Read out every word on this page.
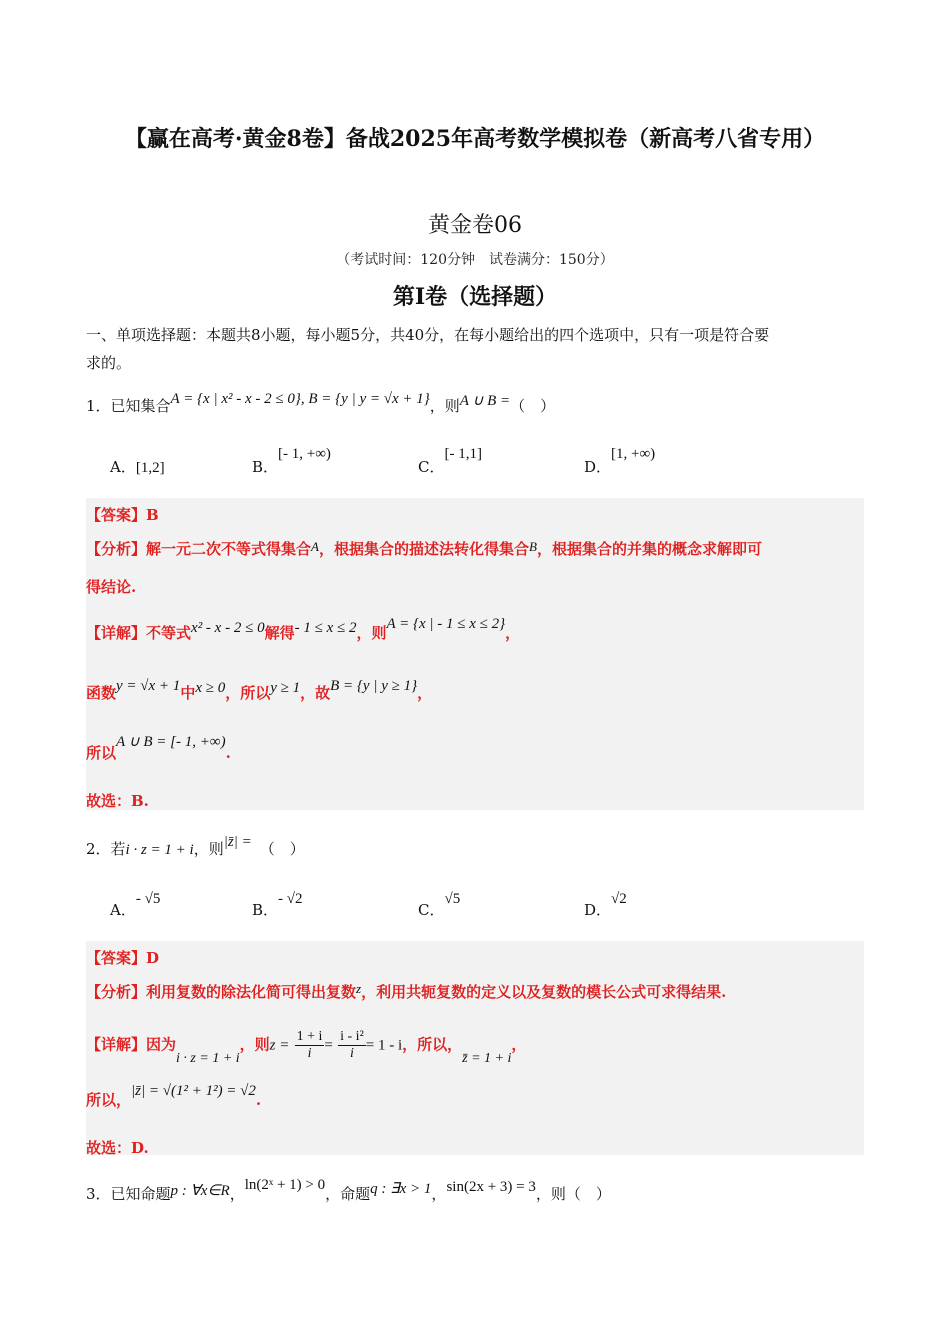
【赢在高考·黄金8卷】备战2025年高考数学模拟卷（新高考八省专用）
黄金卷06
（考试时间：120分钟　试卷满分：150分）
第I卷（选择题）
一、单项选择题：本题共8小题，每小题5分，共40分，在每小题给出的四个选项中，只有一项是符合要
求的。
1．已知集合A = {x | x² - x - 2 ≤ 0}, B = {y | y = √x + 1}，则A ∪ B =（　）
A．[1,2]	B．[- 1, +∞)
C．[- 1,1]
D．[1, +∞)
【答案】B
【分析】解一元二次不等式得集合A，根据集合的描述法转化得集合B，根据集合的并集的概念求解即可
得结论.
【详解】不等式x² - x - 2 ≤ 0解得- 1 ≤ x ≤ 2，则A = {x | - 1 ≤ x ≤ 2}，
函数y = √x + 1中x ≥ 0，所以y ≥ 1，故B = {y | y ≥ 1}，
所以A ∪ B = [- 1, +∞).
故选：B.
2．若i · z = 1 + i，则|z̄| = （　）
A．- √5
B．- √2
C．√5
D．√2
【答案】D
【分析】利用复数的除法化简可得出复数z，利用共轭复数的定义以及复数的模长公式可求得结果.
【详解】因为i · z = 1 + i，则$z = \frac{1 + i}{i} = \frac{\text{i - i²}}{i} = 1 - i$，所以，z̄ = 1 + i，
所以，|z̄| = √(1² + 1²) = √2.
故选：D.
3．已知命题p : ∀x∈R，ln(2ˣ + 1) > 0，命题q : ∃x > 1，sin(2x + 3) = 3，则（　）
